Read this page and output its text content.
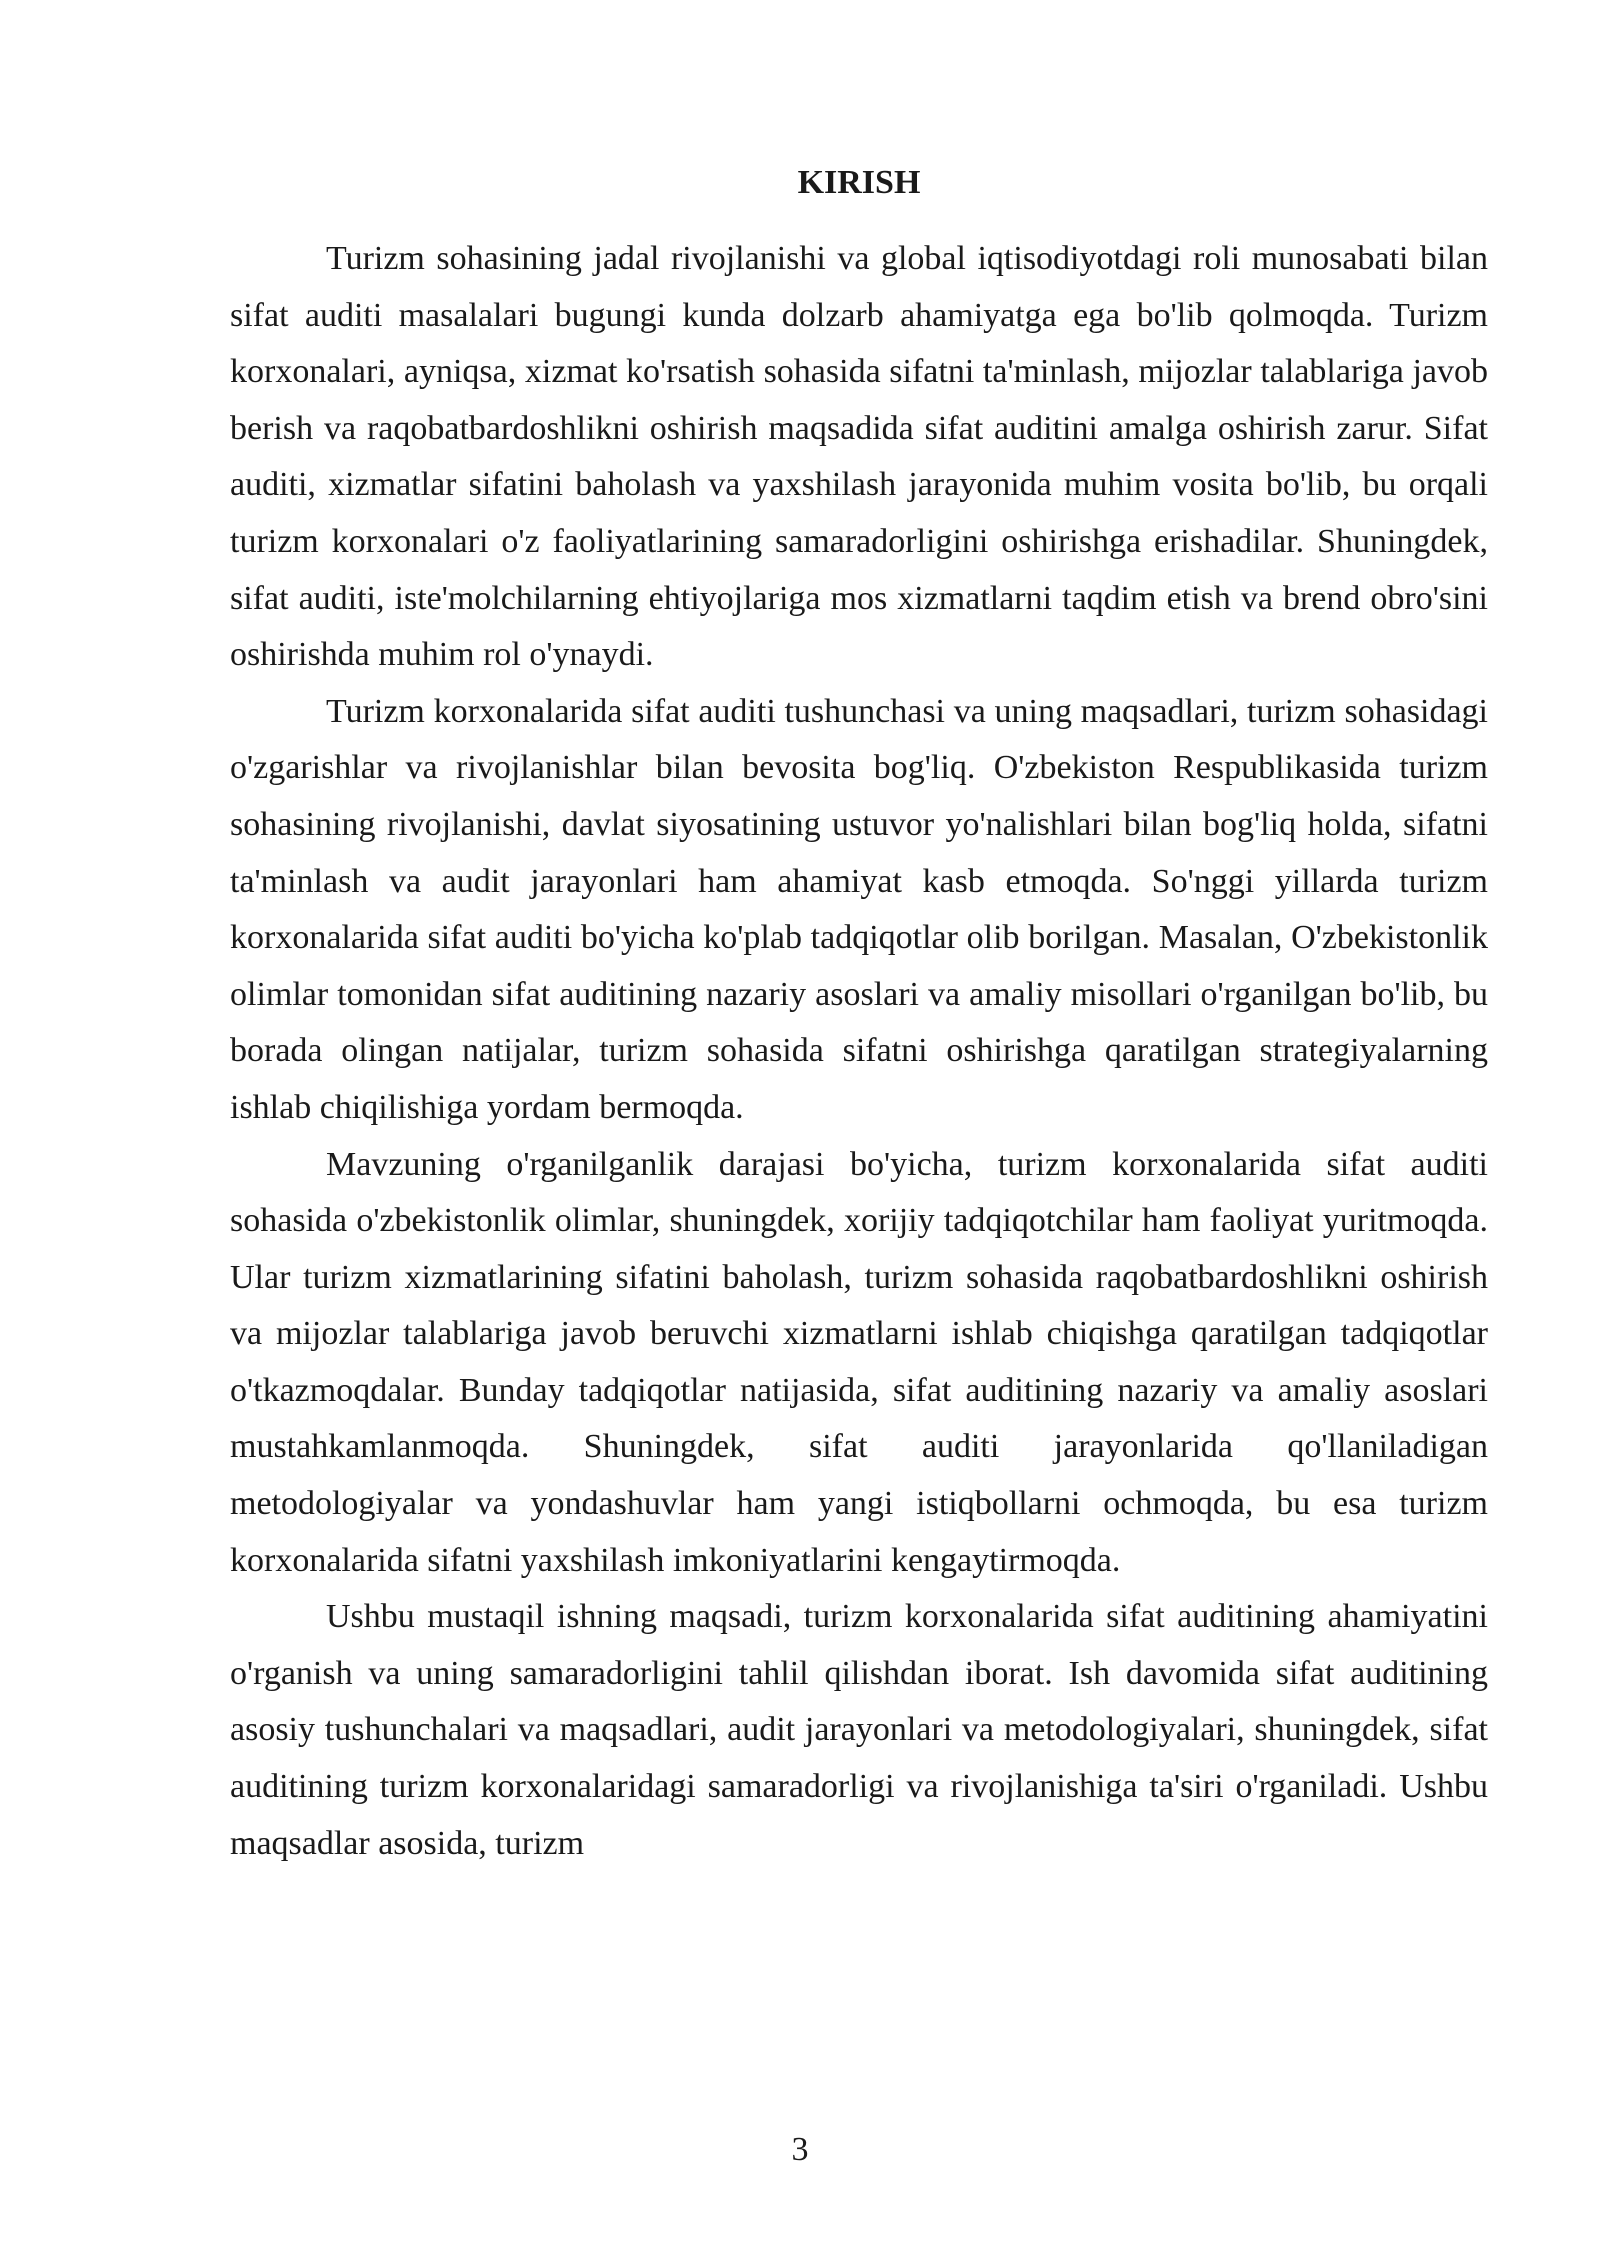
KIRISH

Turizm sohasining jadal rivojlanishi va global iqtisodiyotdagi roli munosabati bilan sifat auditi masalalari bugungi kunda dolzarb ahamiyatga ega bo'lib qolmoqda. Turizm korxonalari, ayniqsa, xizmat ko'rsatish sohasida sifatni ta'minlash, mijozlar talablariga javob berish va raqobatbardoshlikni oshirish maqsadida sifat auditini amalga oshirish zarur. Sifat auditi, xizmatlar sifatini baholash va yaxshilash jarayonida muhim vosita bo'lib, bu orqali turizm korxonalari o'z faoliyatlarining samaradorligini oshirishga erishadilar. Shuningdek, sifat auditi, iste'molchilarning ehtiyojlariga mos xizmatlarni taqdim etish va brend obro'sini oshirishda muhim rol o'ynaydi.

Turizm korxonalarida sifat auditi tushunchasi va uning maqsadlari, turizm sohasidagi o'zgarishlar va rivojlanishlar bilan bevosita bog'liq. O'zbekiston Respublikasida turizm sohasining rivojlanishi, davlat siyosatining ustuvor yo'nalishlari bilan bog'liq holda, sifatni ta'minlash va audit jarayonlari ham ahamiyat kasb etmoqda. So'nggi yillarda turizm korxonalarida sifat auditi bo'yicha ko'plab tadqiqotlar olib borilgan. Masalan, O'zbekistonlik olimlar tomonidan sifat auditining nazariy asoslari va amaliy misollari o'rganilgan bo'lib, bu borada olingan natijalar, turizm sohasida sifatni oshirishga qaratilgan strategiyalarning ishlab chiqilishiga yordam bermoqda.

Mavzuning o'rganilganlik darajasi bo'yicha, turizm korxonalarida sifat auditi sohasida o'zbekistonlik olimlar, shuningdek, xorijiy tadqiqotchilar ham faoliyat yuritmoqda. Ular turizm xizmatlarining sifatini baholash, turizm sohasida raqobatbardoshlikni oshirish va mijozlar talablariga javob beruvchi xizmatlarni ishlab chiqishga qaratilgan tadqiqotlar o'tkazmoqdalar. Bunday tadqiqotlar natijasida, sifat auditining nazariy va amaliy asoslari mustahkamlanmoqda. Shuningdek, sifat auditi jarayonlarida qo'llaniladigan metodologiyalar va yondashuvlar ham yangi istiqbollarni ochmoqda, bu esa turizm korxonalarida sifatni yaxshilash imkoniyatlarini kengaytirmoqda.

Ushbu mustaqil ishning maqsadi, turizm korxonalarida sifat auditining ahamiyatini o'rganish va uning samaradorligini tahlil qilishdan iborat. Ish davomida sifat auditining asosiy tushunchalari va maqsadlari, audit jarayonlari va metodologiyalari, shuningdek, sifat auditining turizm korxonalaridagi samaradorligi va rivojlanishiga ta'siri o'rganiladi. Ushbu maqsadlar asosida, turizm

3
